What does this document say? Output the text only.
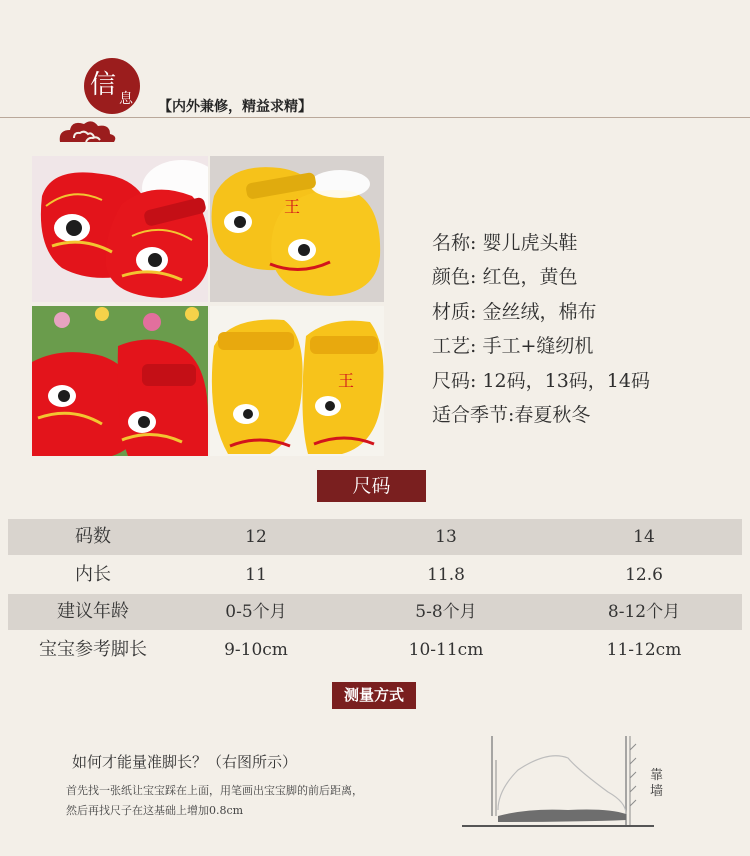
信 息 【内外兼修，精益求精】
王
王
名称: 婴儿虎头鞋
颜色: 红色，黄色
材质: 金丝绒，棉布
工艺: 手工+缝纫机
尺码: 12码，13码，14码
适合季节:春夏秋冬
尺码
码数	12	13	14
内长	11	11.8	12.6
建议年龄	0-5个月	5-8个月	8-12个月
宝宝参考脚长	9-10cm	10-11cm	11-12cm
测量方式
如何才能量准脚长？（右图所示）
首先找一张纸让宝宝踩在上面，用笔画出宝宝脚的前后距离，
然后再找尺子在这基础上增加0.8cm
靠墙
